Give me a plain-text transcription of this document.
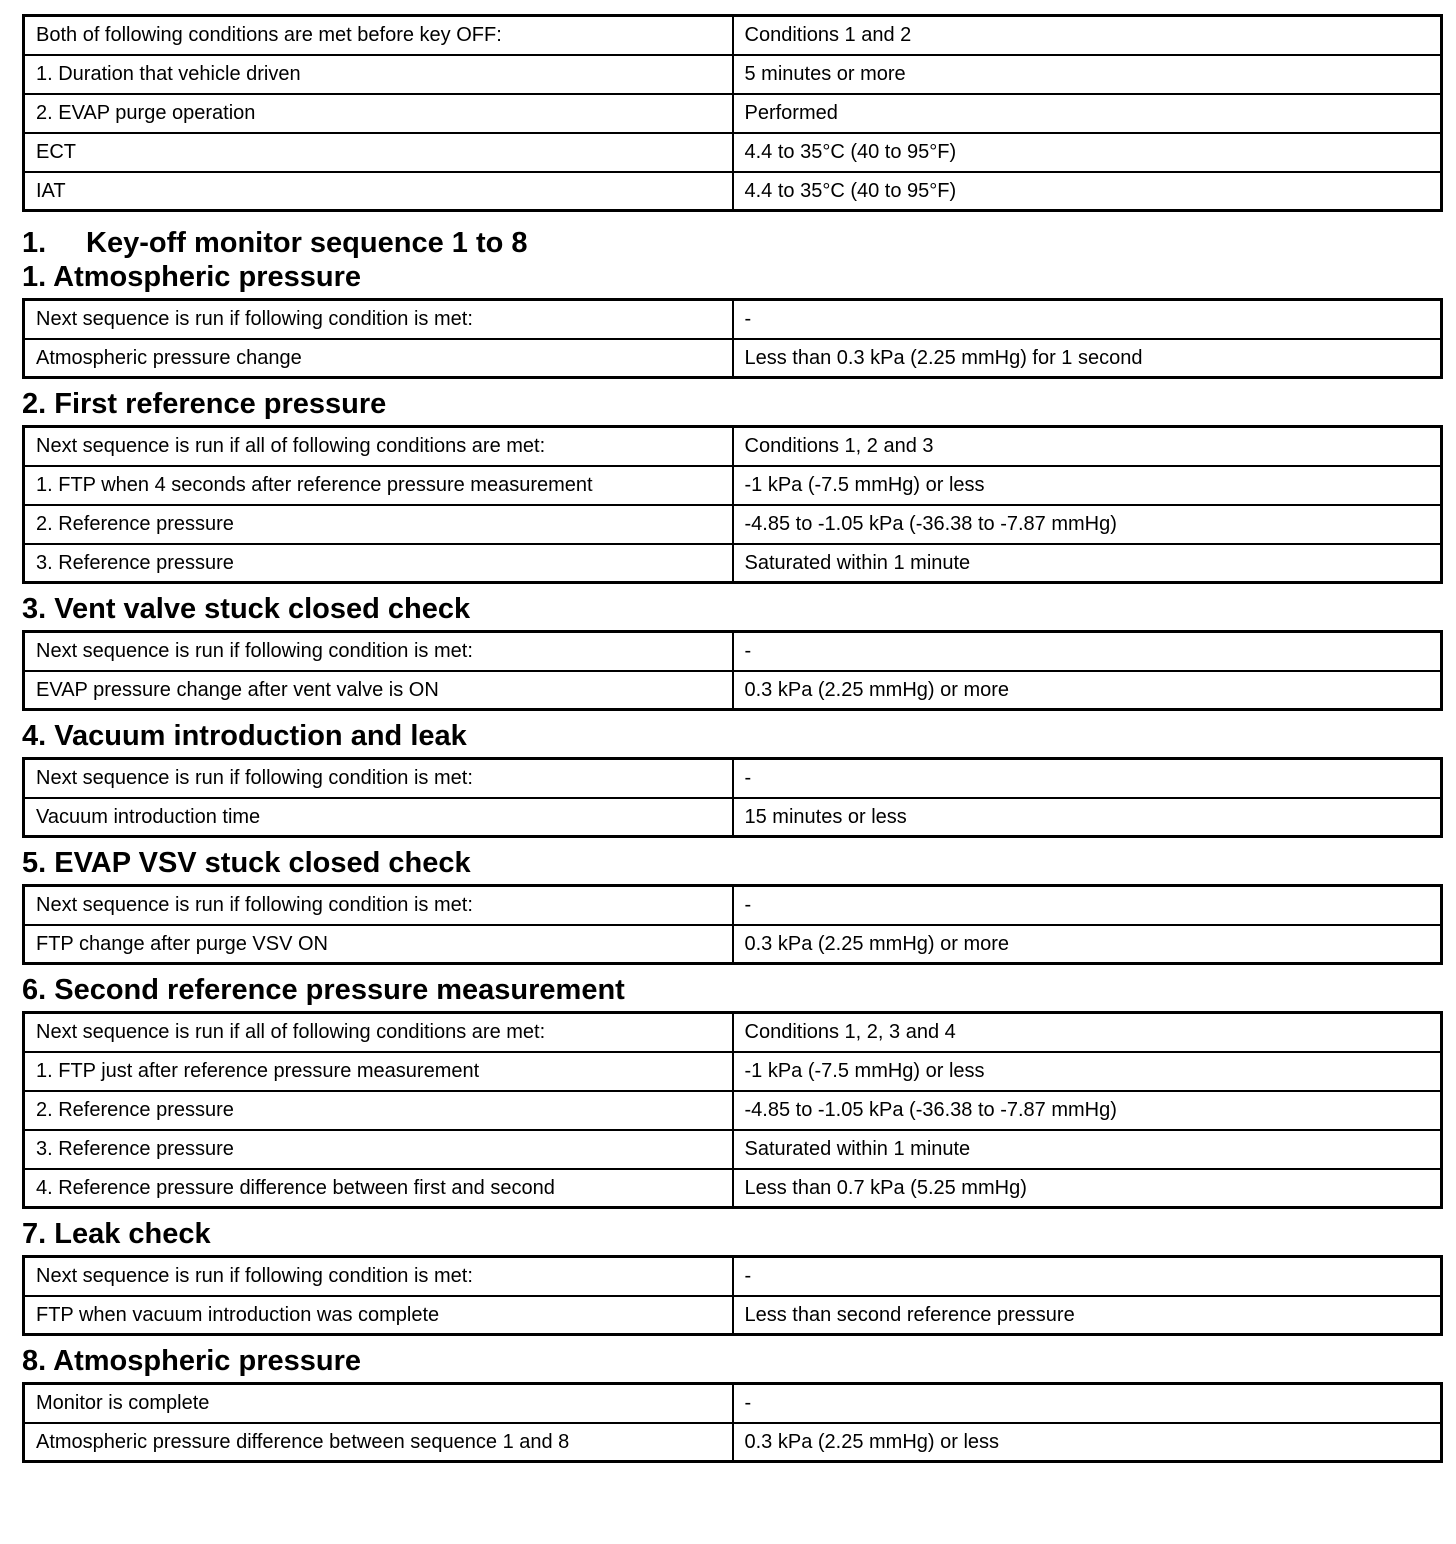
Both of following conditions are met before key OFF:	Conditions 1 and 2
1. Duration that vehicle driven	5 minutes or more
2. EVAP purge operation	Performed
ECT	4.4 to 35°C (40 to 95°F)
IAT	4.4 to 35°C (40 to 95°F)
1. Key-off monitor sequence 1 to 8
1. Atmospheric pressure
Next sequence is run if following condition is met:	-
Atmospheric pressure change	Less than 0.3 kPa (2.25 mmHg) for 1 second
2. First reference pressure
Next sequence is run if all of following conditions are met:	Conditions 1, 2 and 3
1. FTP when 4 seconds after reference pressure measurement	-1 kPa (-7.5 mmHg) or less
2. Reference pressure	-4.85 to -1.05 kPa (-36.38 to -7.87 mmHg)
3. Reference pressure	Saturated within 1 minute
3. Vent valve stuck closed check
Next sequence is run if following condition is met:	-
EVAP pressure change after vent valve is ON	0.3 kPa (2.25 mmHg) or more
4. Vacuum introduction and leak
Next sequence is run if following condition is met:	-
Vacuum introduction time	15 minutes or less
5. EVAP VSV stuck closed check
Next sequence is run if following condition is met:	-
FTP change after purge VSV ON	0.3 kPa (2.25 mmHg) or more
6. Second reference pressure measurement
Next sequence is run if all of following conditions are met:	Conditions 1, 2, 3 and 4
1. FTP just after reference pressure measurement	-1 kPa (-7.5 mmHg) or less
2. Reference pressure	-4.85 to -1.05 kPa (-36.38 to -7.87 mmHg)
3. Reference pressure	Saturated within 1 minute
4. Reference pressure difference between first and second	Less than 0.7 kPa (5.25 mmHg)
7. Leak check
Next sequence is run if following condition is met:	-
FTP when vacuum introduction was complete	Less than second reference pressure
8. Atmospheric pressure
Monitor is complete	-
Atmospheric pressure difference between sequence 1 and 8	0.3 kPa (2.25 mmHg) or less
